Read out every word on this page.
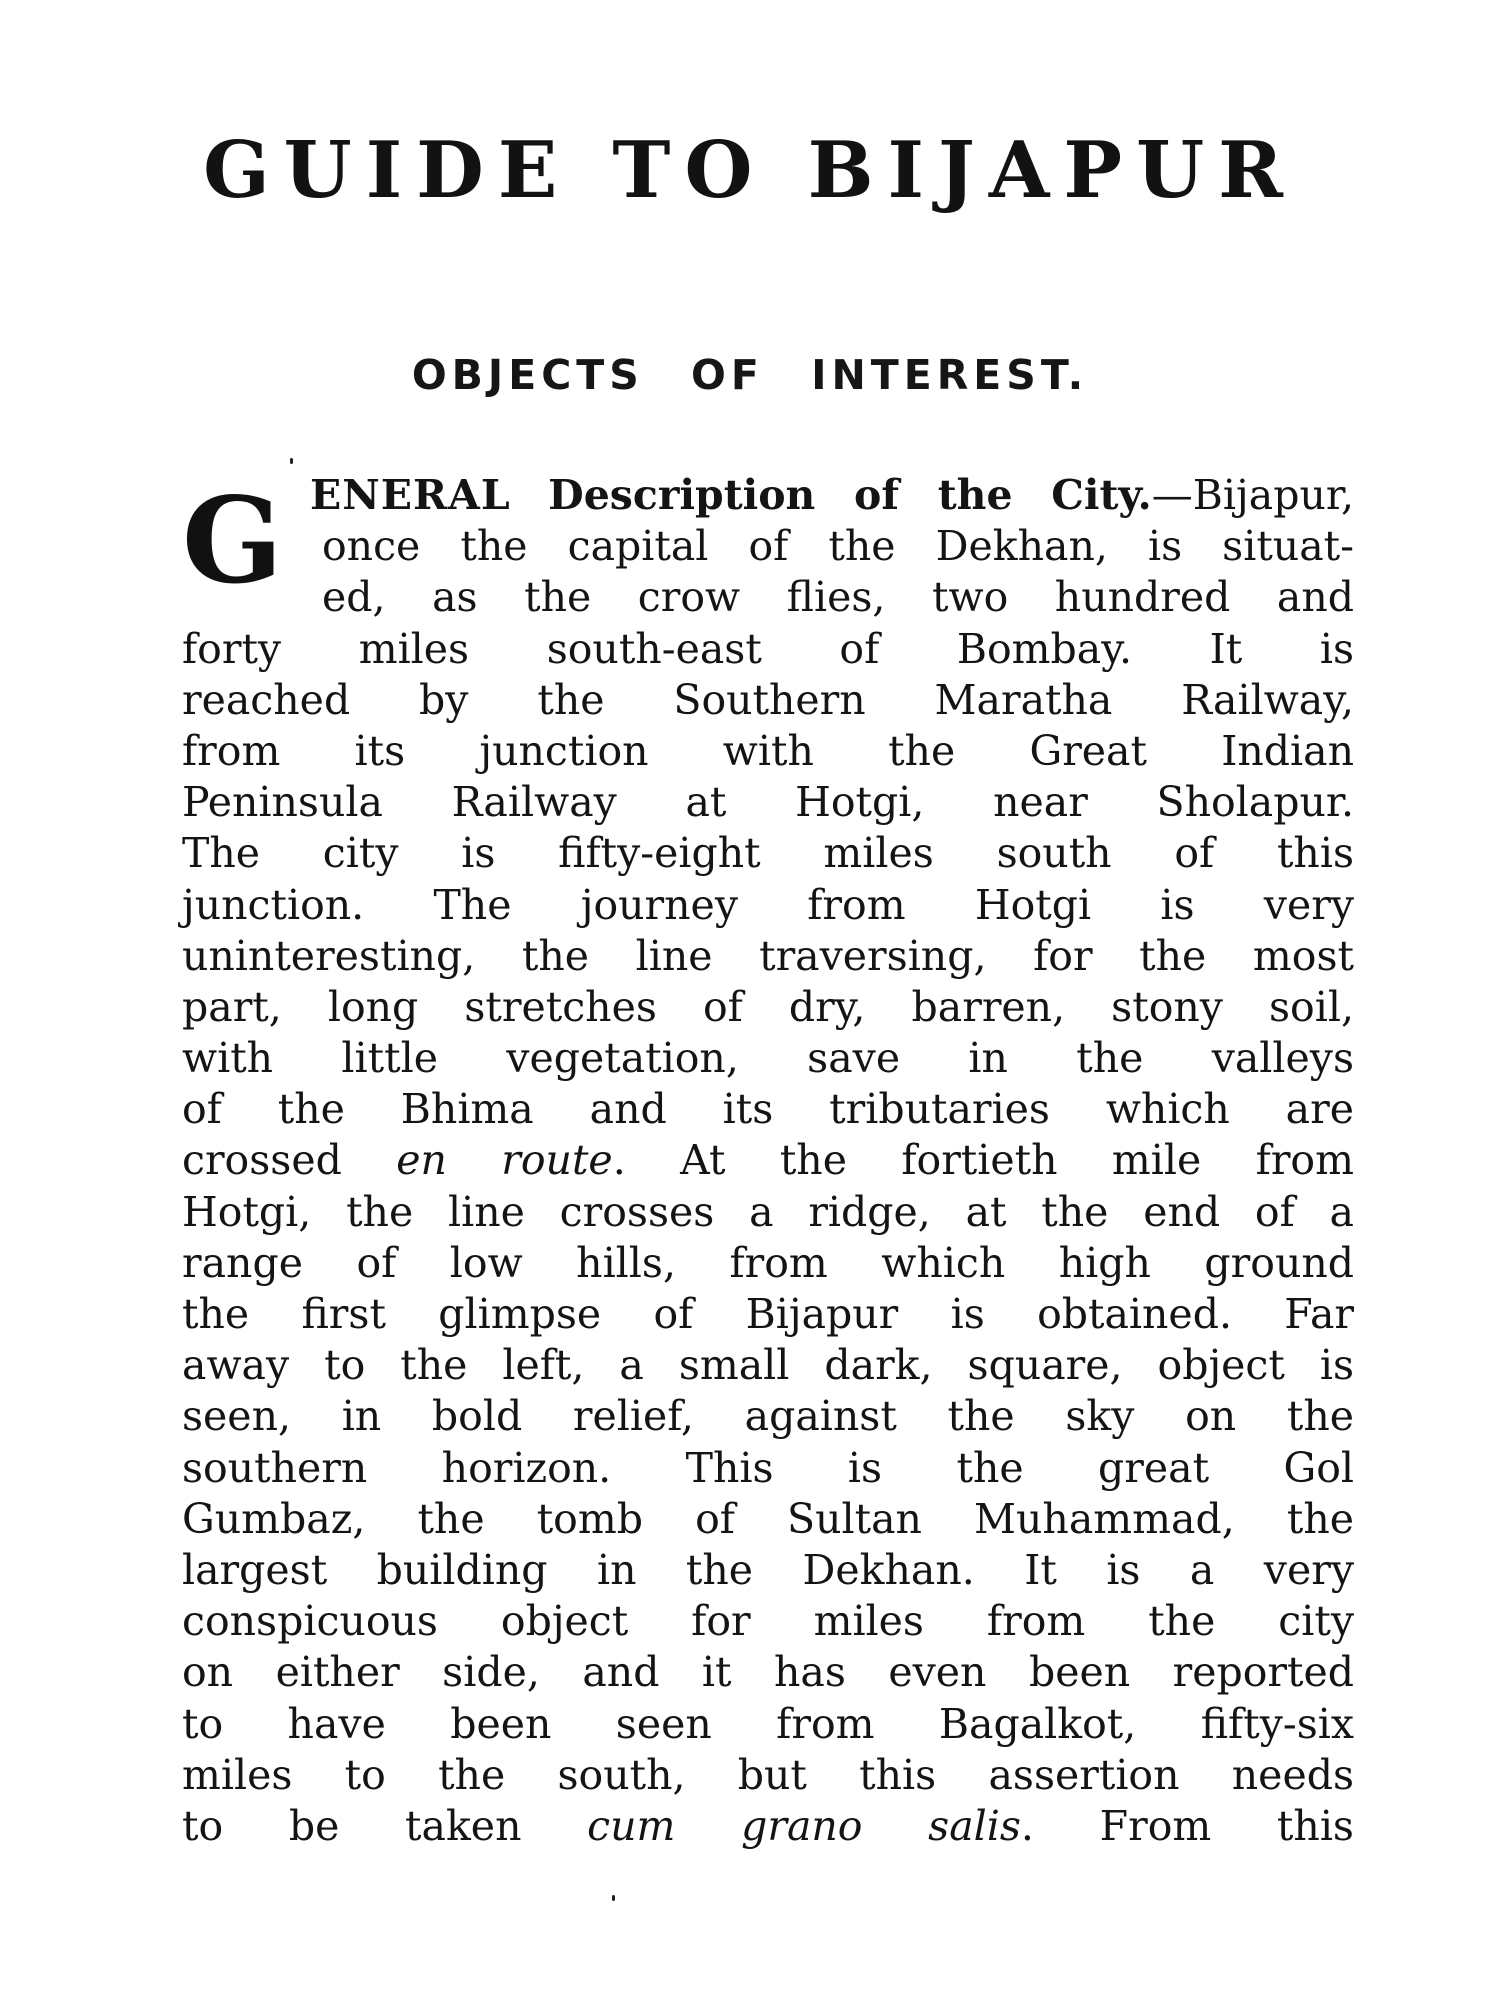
GUIDE TO BIJAPUR
OBJECTS OF INTEREST.
G ENERAL Description of the City.—Bijapur,
once the capital of the Dekhan, is situat-
ed, as the crow flies, two hundred and
forty miles south-east of Bombay. It is
reached by the Southern Maratha Railway,
from its junction with the Great Indian
Peninsula Railway at Hotgi, near Sholapur.
The city is fifty-eight miles south of this
junction. The journey from Hotgi is very
uninteresting, the line traversing, for the most
part, long stretches of dry, barren, stony soil,
with little vegetation, save in the valleys
of the Bhima and its tributaries which are
crossed en route. At the fortieth mile from
Hotgi, the line crosses a ridge, at the end of a
range of low hills, from which high ground
the first glimpse of Bijapur is obtained. Far
away to the left, a small dark, square, object is
seen, in bold relief, against the sky on the
southern horizon. This is the great Gol
Gumbaz, the tomb of Sultan Muhammad, the
largest building in the Dekhan. It is a very
conspicuous object for miles from the city
on either side, and it has even been reported
to have been seen from Bagalkot, fifty-six
miles to the south, but this assertion needs
to be taken cum grano salis. From this
